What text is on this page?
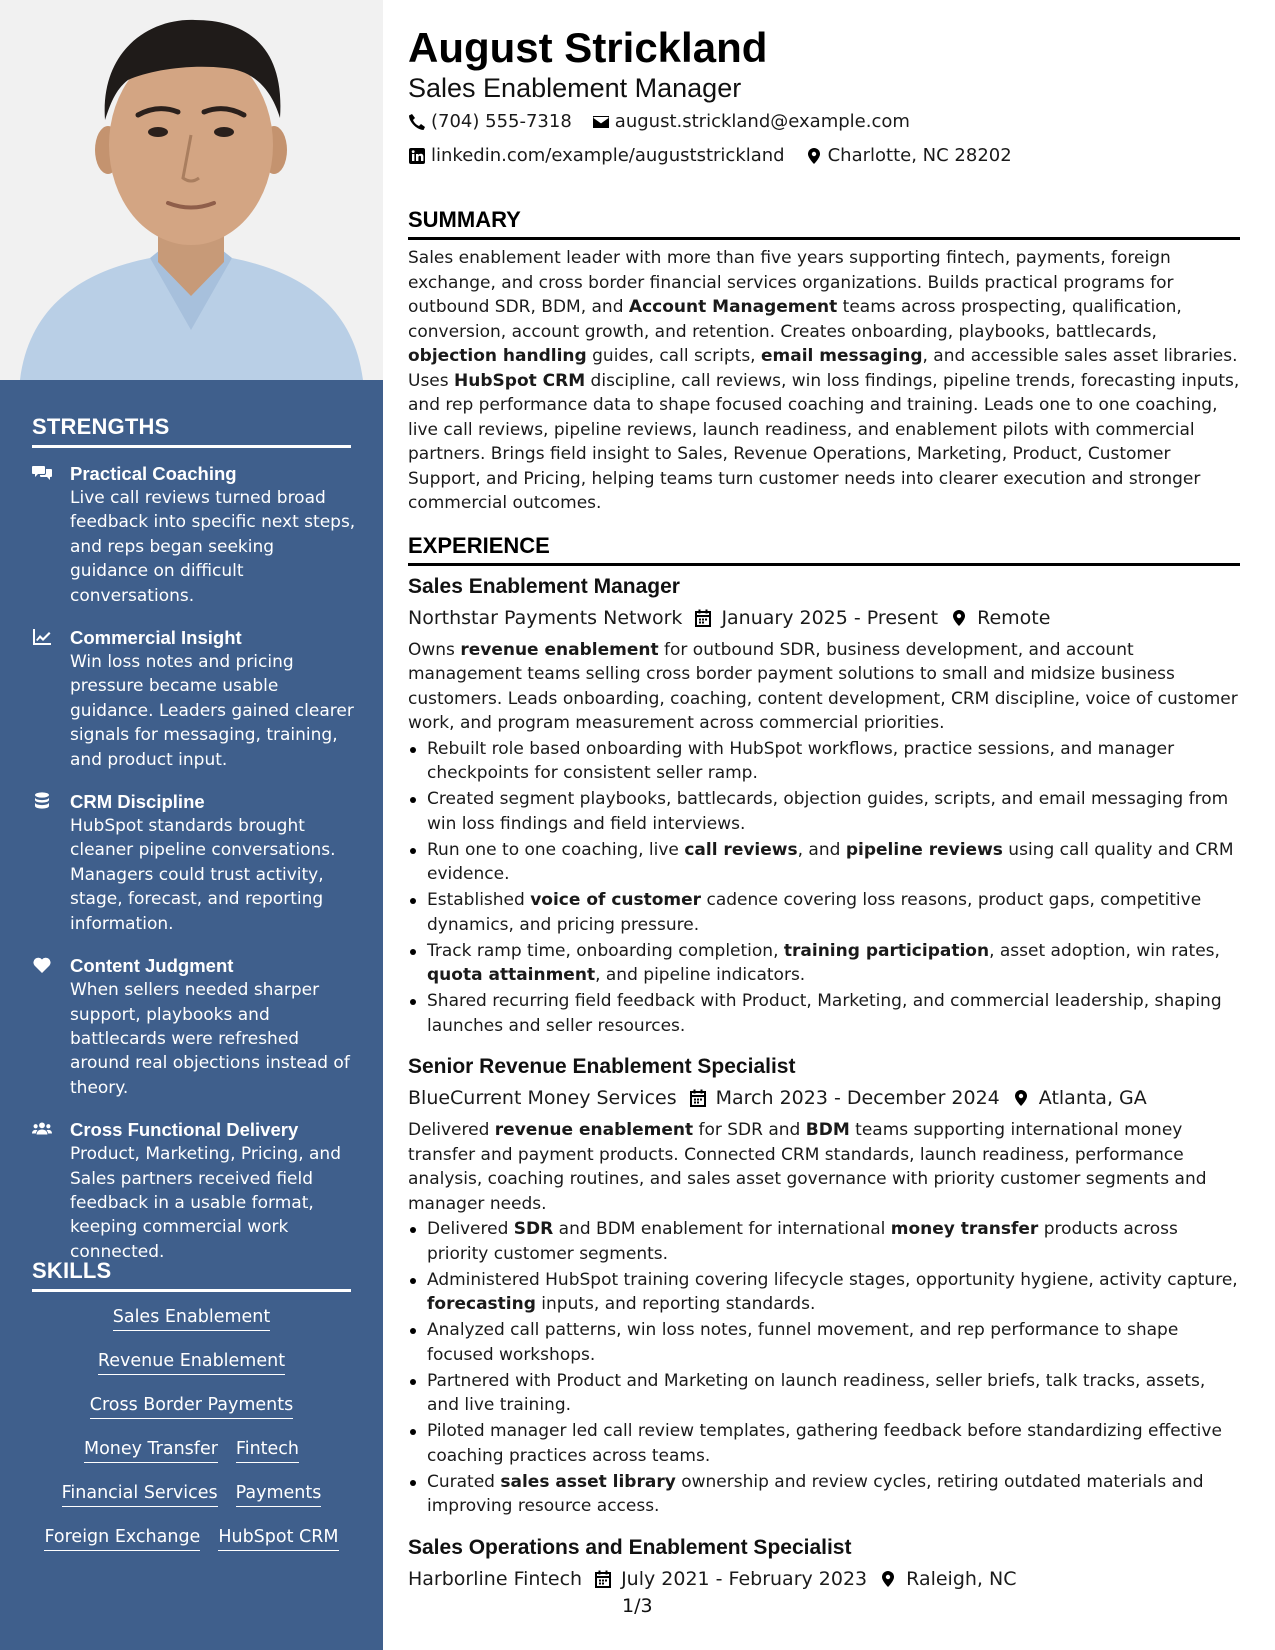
STRENGTHS
Practical Coaching
Live call reviews turned broad feedback into specific next steps, and reps began seeking guidance on difficult conversations.
Commercial Insight
Win loss notes and pricing pressure became usable guidance. Leaders gained clearer signals for messaging, training, and product input.
CRM Discipline
HubSpot standards brought cleaner pipeline conversations. Managers could trust activity, stage, forecast, and reporting information.
Content Judgment
When sellers needed sharper support, playbooks and battlecards were refreshed around real objections instead of theory.
Cross Functional Delivery
Product, Marketing, Pricing, and Sales partners received field feedback in a usable format, keeping commercial work connected.
SKILLS
Sales Enablement
Revenue Enablement
Cross Border Payments
Money Transfer Fintech
Financial Services Payments
Foreign Exchange HubSpot CRM
August Strickland
Sales Enablement Manager
(704) 555-7318 august.strickland@example.com
linkedin.com/example/auguststrickland Charlotte, NC 28202
SUMMARY

Sales enablement leader with more than five years supporting fintech, payments, foreign exchange, and cross border financial services organizations. Builds practical programs for outbound SDR, BDM, and Account Management teams across prospecting, qualification, conversion, account growth, and retention. Creates onboarding, playbooks, battlecards, objection handling guides, call scripts, email messaging, and accessible sales asset libraries. Uses HubSpot CRM discipline, call reviews, win loss findings, pipeline trends, forecasting inputs, and rep performance data to shape focused coaching and training. Leads one to one coaching, live call reviews, pipeline reviews, launch readiness, and enablement pilots with commercial partners. Brings field insight to Sales, Revenue Operations, Marketing, Product, Customer Support, and Pricing, helping teams turn customer needs into clearer execution and stronger commercial outcomes.

EXPERIENCE
Sales Enablement Manager
Northstar Payments Network January 2025 - Present Remote

Owns revenue enablement for outbound SDR, business development, and account management teams selling cross border payment solutions to small and midsize business customers. Leads onboarding, coaching, content development, CRM discipline, voice of customer work, and program measurement across commercial priorities.

Rebuilt role based onboarding with HubSpot workflows, practice sessions, and manager checkpoints for consistent seller ramp.
Created segment playbooks, battlecards, objection guides, scripts, and email messaging from win loss findings and field interviews.
Run one to one coaching, live call reviews, and pipeline reviews using call quality and CRM evidence.
Established voice of customer cadence covering loss reasons, product gaps, competitive dynamics, and pricing pressure.
Track ramp time, onboarding completion, training participation, asset adoption, win rates, quota attainment, and pipeline indicators.
Shared recurring field feedback with Product, Marketing, and commercial leadership, shaping launches and seller resources.
Senior Revenue Enablement Specialist
BlueCurrent Money Services March 2023 - December 2024 Atlanta, GA

Delivered revenue enablement for SDR and BDM teams supporting international money transfer and payment products. Connected CRM standards, launch readiness, performance analysis, coaching routines, and sales asset governance with priority customer segments and manager needs.

Delivered SDR and BDM enablement for international money transfer products across priority customer segments.
Administered HubSpot training covering lifecycle stages, opportunity hygiene, activity capture, forecasting inputs, and reporting standards.
Analyzed call patterns, win loss notes, funnel movement, and rep performance to shape focused workshops.
Partnered with Product and Marketing on launch readiness, seller briefs, talk tracks, assets, and live training.
Piloted manager led call review templates, gathering feedback before standardizing effective coaching practices across teams.
Curated sales asset library ownership and review cycles, retiring outdated materials and improving resource access.
Sales Operations and Enablement Specialist
Harborline Fintech July 2021 - February 2023 Raleigh, NC
1/3
